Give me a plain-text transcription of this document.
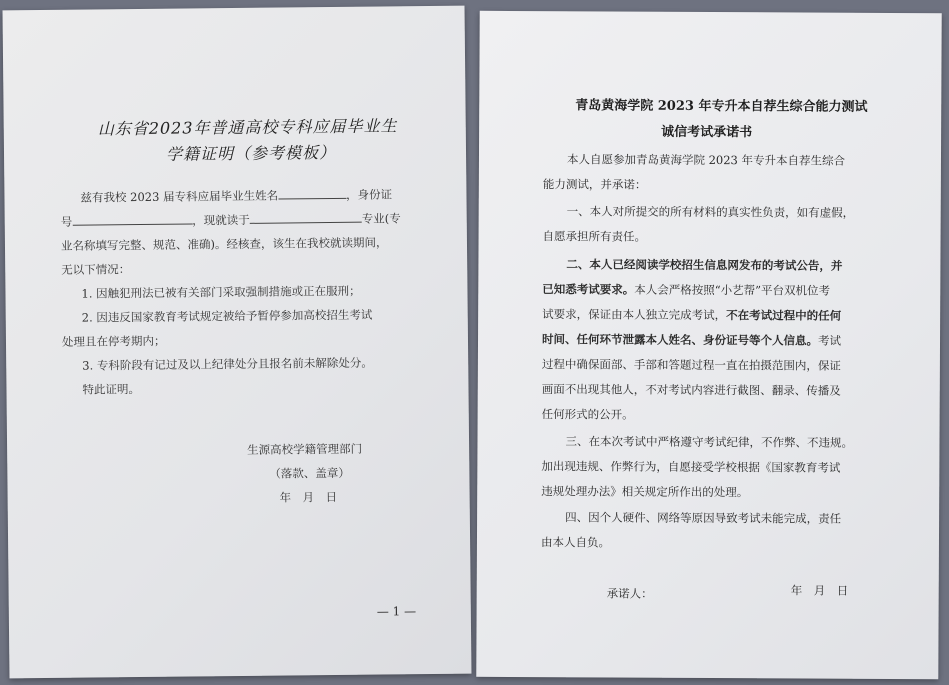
山东省2023年普通高校专科应届毕业生
学籍证明（参考模板）
兹有我校 2023 届专科应届毕业生姓名	，身份证
号	，现就读于	专业(专
业名称填写完整、规范、准确)。经核查，该生在我校就读期间，
无以下情况：
1. 因触犯刑法已被有关部门采取强制措施或正在服刑；
2. 因违反国家教育考试规定被给予暂停参加高校招生考试
处理且在停考期内；
3. 专科阶段有记过及以上纪律处分且报名前未解除处分。
特此证明。
生源高校学籍管理部门
（落款、盖章）
年　月　日
— 1 —
青岛黄海学院 2023 年专升本自荐生综合能力测试
诚信考试承诺书
本人自愿参加青岛黄海学院 2023 年专升本自荐生综合
能力测试，并承诺：
一、本人对所提交的所有材料的真实性负责，如有虚假，
自愿承担所有责任。
二、本人已经阅读学校招生信息网发布的考试公告，并
已知悉考试要求。本人会严格按照“小艺帮”平台双机位考
试要求，保证由本人独立完成考试，不在考试过程中的任何
时间、任何环节泄露本人姓名、身份证号等个人信息。考试
过程中确保面部、手部和答题过程一直在拍摄范围内，保证
画面不出现其他人，不对考试内容进行截图、翻录、传播及
任何形式的公开。
三、在本次考试中严格遵守考试纪律，不作弊、不违规。
加出现违规、作弊行为，自愿接受学校根据《国家教育考试
违规处理办法》相关规定所作出的处理。
四、因个人硬件、网络等原因导致考试未能完成，责任
由本人自负。
承诺人：	年　月　日
